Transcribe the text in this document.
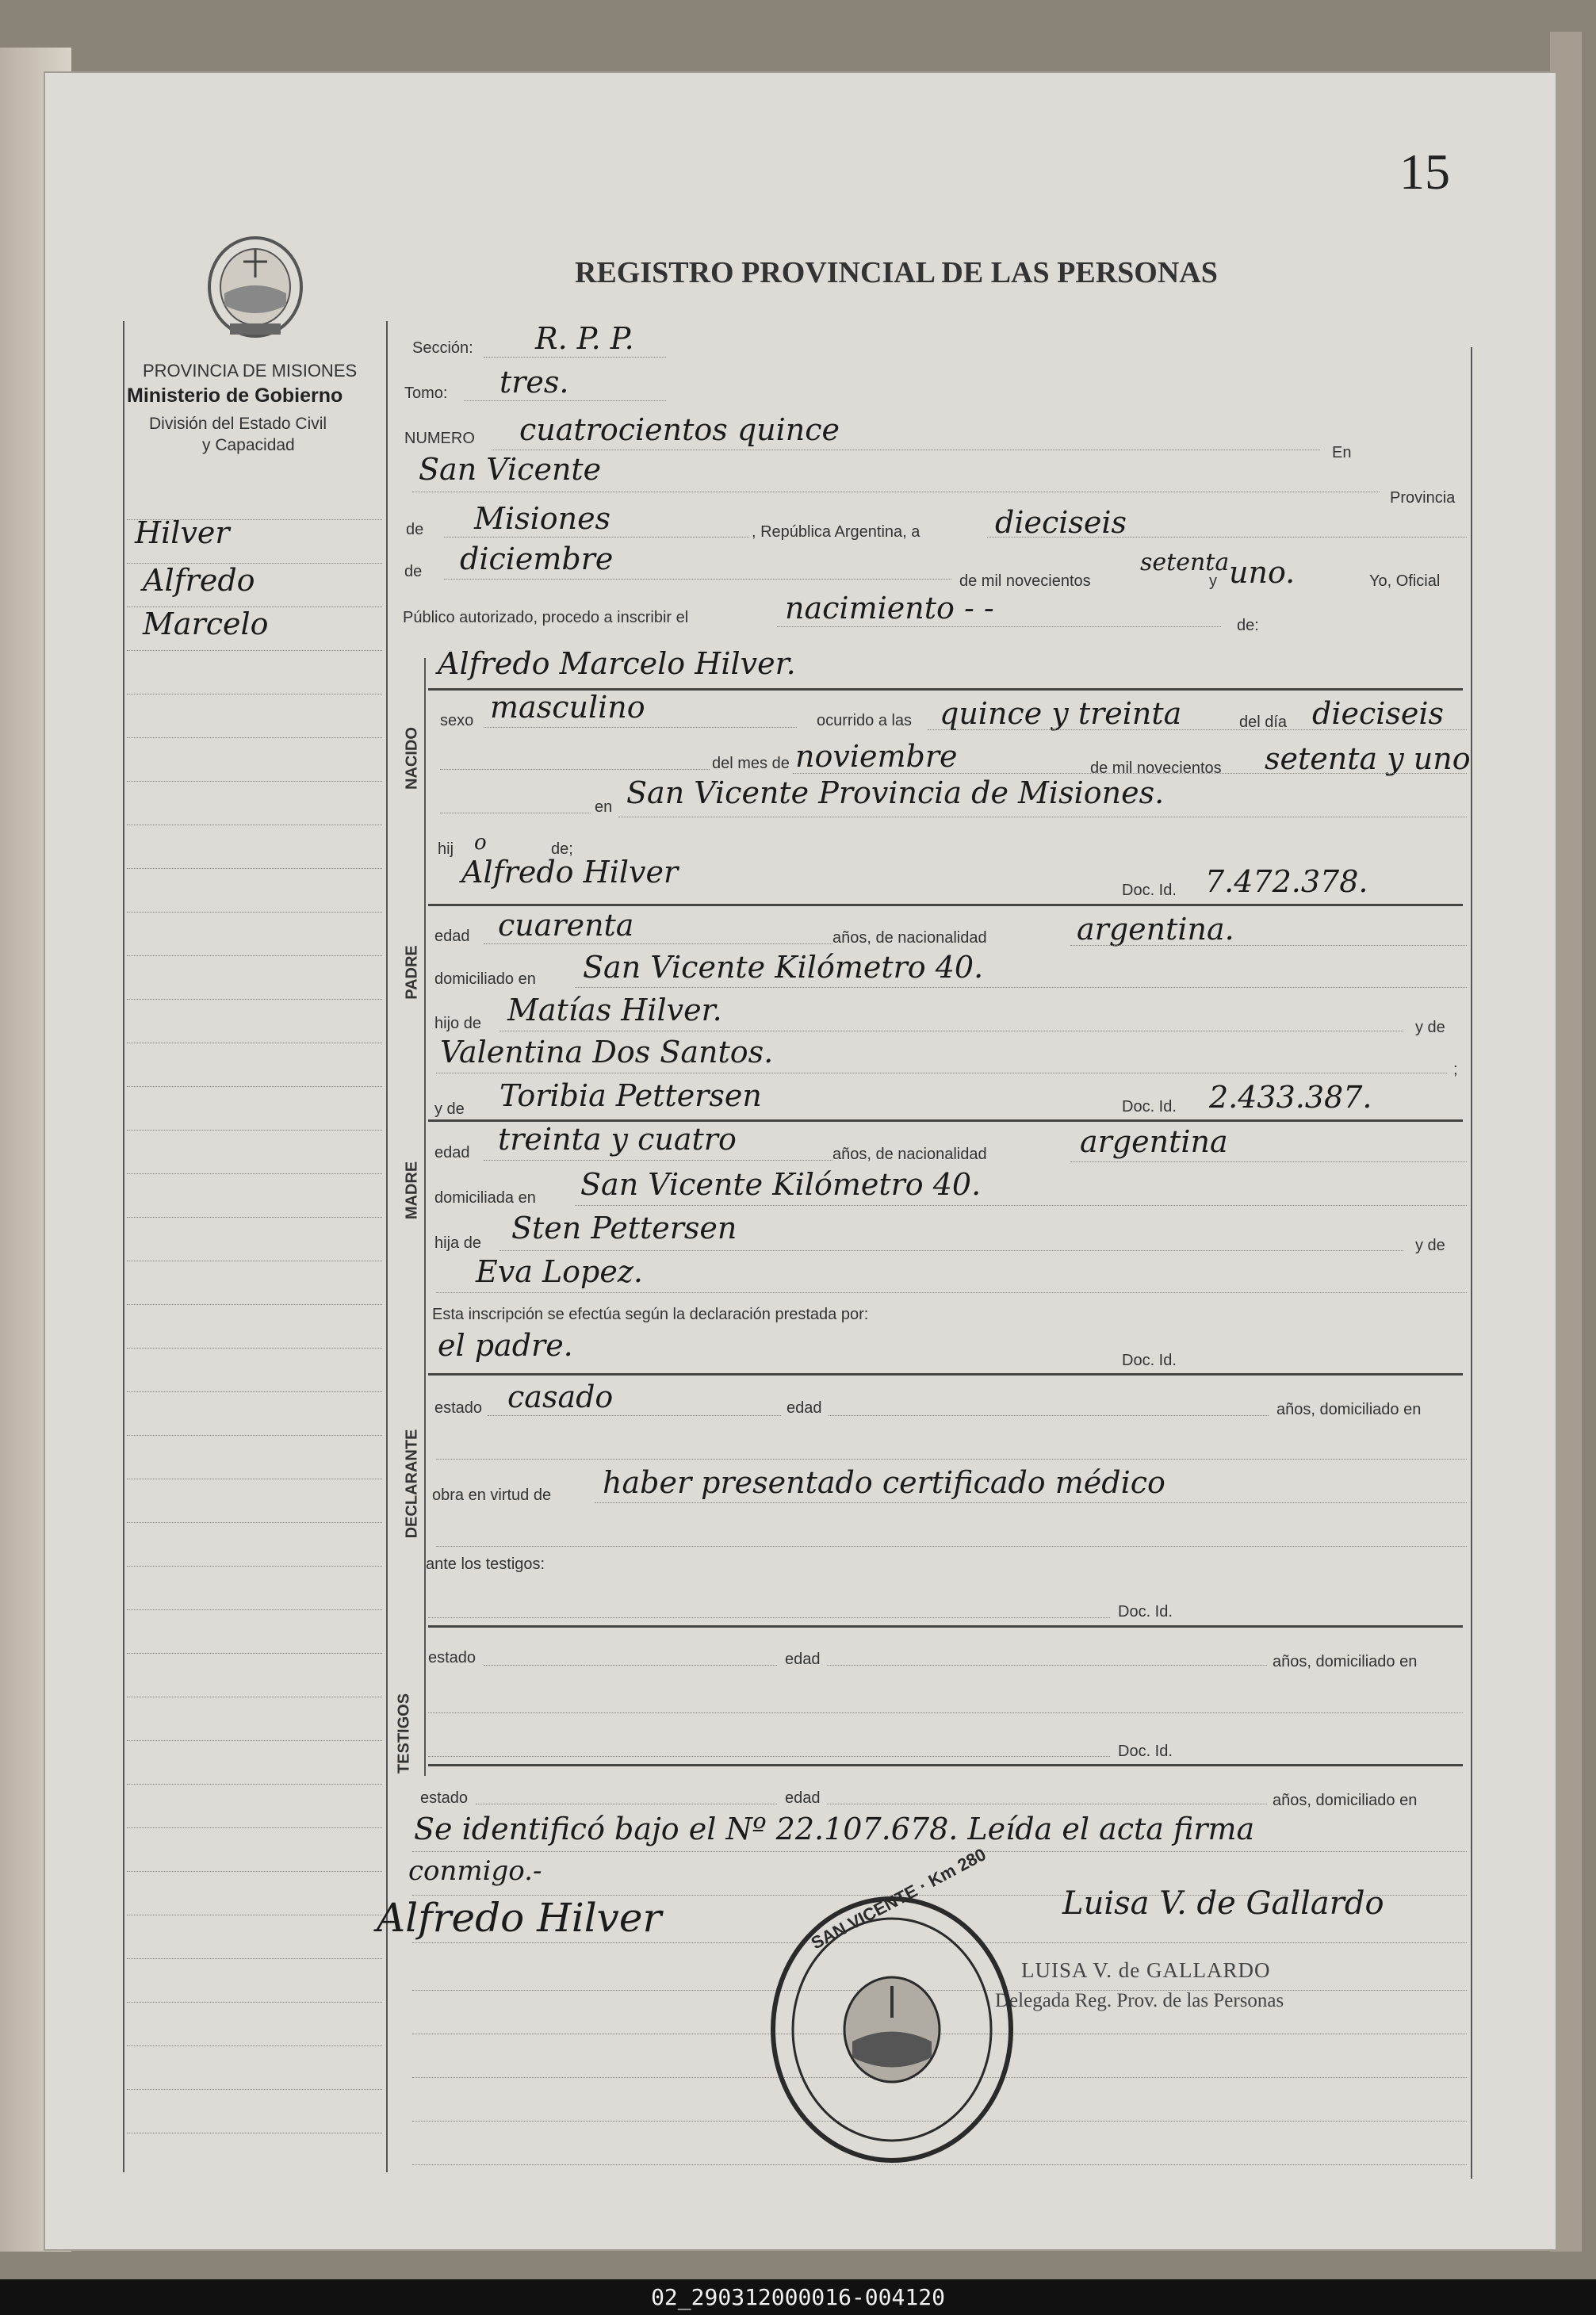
15
REGISTRO PROVINCIAL DE LAS PERSONAS
PROVINCIA DE MISIONES
Ministerio de Gobierno
División del Estado Civil
y Capacidad
Hilver
Alfredo
Marcelo
Sección: R. P. P.
Tomo: tres.
NUMERO cuatrocientos quince
En
San Vicente
Provincia
de Misiones	, República Argentina, a dieciseis
de diciembre
de mil novecientos
setenta
y uno.	Yo, Oficial
Público autorizado, procedo a inscribir el	nacimiento - -	de:
NACIDO
Alfredo Marcelo Hilver.
sexo masculino	ocurrido a las quince y treinta	del día dieciseis
del mes de noviembre	de mil novecientos setenta y uno
en San Vicente Provincia de Misiones.
hij o	de;
Alfredo Hilver
Doc. Id. 7.472.378.
PADRE
edad cuarenta	años, de nacionalidad	argentina.
domiciliado en San Vicente Kilómetro 40.
hijo de Matías Hilver.	y de
Valentina Dos Santos.	;
y de Toribia Pettersen	Doc. Id. 2.433.387.
MADRE
edad treinta y cuatro	años, de nacionalidad	argentina
domiciliada en San Vicente Kilómetro 40.
hija de Sten Pettersen	y de
Eva Lopez.
Esta inscripción se efectúa según la declaración prestada por:
el padre.	Doc. Id.
DECLARANTE
estado casado	edad	años, domiciliado en
obra en virtud de haber presentado certificado médico
ante los testigos:
Doc. Id.
TESTIGOS
estado	edad	años, domiciliado en
Doc. Id.
estado	edad	años, domiciliado en
Se identificó bajo el Nº 22.107.678. Leída el acta firma
conmigo.-
Alfredo Hilver	Luisa V. de Gallardo
LUISA V. de GALLARDO
Delegada Reg. Prov. de las Personas
SAN VICENTE · Km 280
02_290312000016-004120
